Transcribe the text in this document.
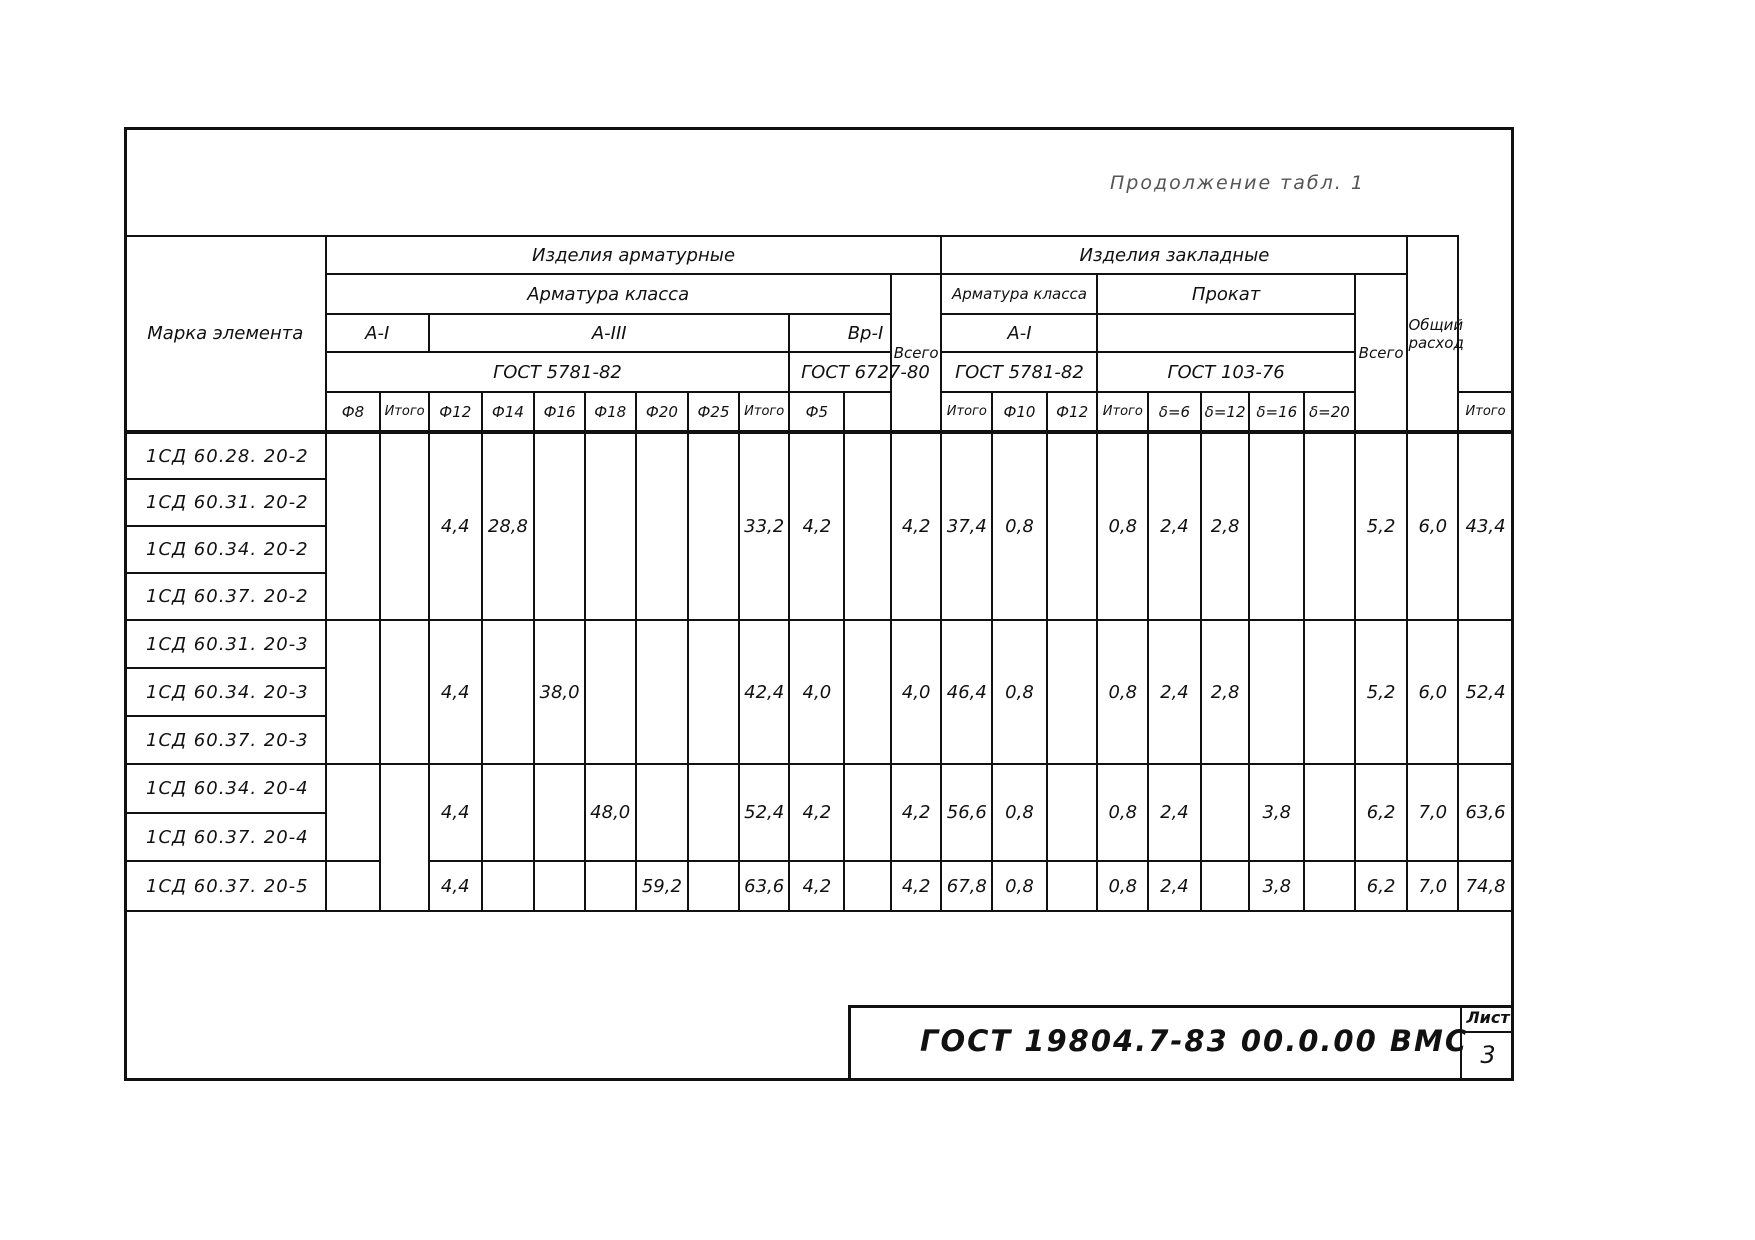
Продолжение табл. 1
Марка элемента	Изделия арматурные												Изделия закладные									Общий расход	
	Арматура класса											Всего	Арматура класса			Прокат					Всего		
	А-I		А-III							Вр-I			А-I										
	ГОСТ 5781-82									ГОСТ 6727-80			ГОСТ 5781-82			ГОСТ 103-76							
	Ф8	Итого	Ф12	Ф14	Ф16	Ф18	Ф20	Ф25	Итого	Ф5			Итого	Ф10	Ф12	Итого	δ=6	δ=12	δ=16	δ=20			Итого
1СД 60.28. 20-2			4,4	28,8					33,2	4,2		4,2	37,4	0,8		0,8	2,4	2,8			5,2	6,0	43,4
1СД 60.31. 20-2																							
1СД 60.34. 20-2																							
1СД 60.37. 20-2																							
1СД 60.31. 20-3			4,4		38,0				42,4	4,0		4,0	46,4	0,8		0,8	2,4	2,8			5,2	6,0	52,4
1СД 60.34. 20-3																							
1СД 60.37. 20-3																							
1СД 60.34. 20-4			4,4			48,0			52,4	4,2		4,2	56,6	0,8		0,8	2,4		3,8		6,2	7,0	63,6
1СД 60.37. 20-4																							
1СД 60.37. 20-5			4,4				59,2		63,6	4,2		4,2	67,8	0,8		0,8	2,4		3,8		6,2	7,0	74,8
ГОСТ 19804.7-83 00.0.00 ВМС
Лист
3
